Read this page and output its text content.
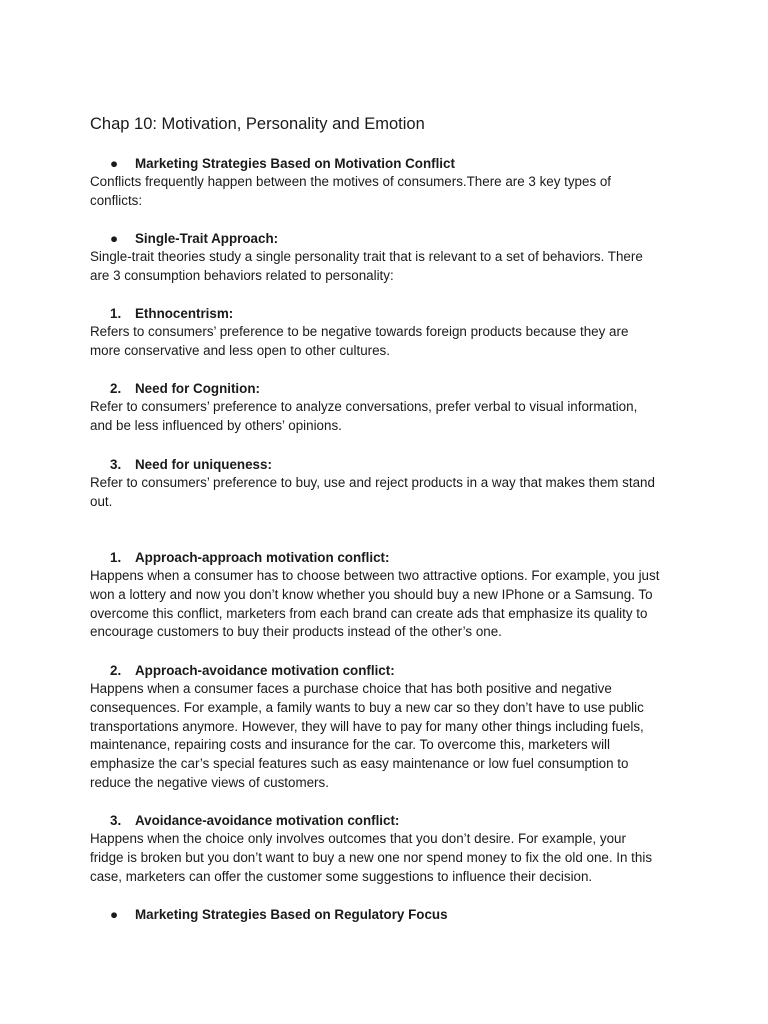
Chap 10: Motivation, Personality and Emotion
● Marketing Strategies Based on Motivation Conflict

Conflicts frequently happen between the motives of consumers.There are 3 key types of
conflicts:

● Single-Trait Approach:

Single-trait theories study a single personality trait that is relevant to a set of behaviors. There
are 3 consumption behaviors related to personality:

1. Ethnocentrism:

Refers to consumers’ preference to be negative towards foreign products because they are
more conservative and less open to other cultures.

2. Need for Cognition:

Refer to consumers’ preference to analyze conversations, prefer verbal to visual information,
and be less influenced by others’ opinions.

3. Need for uniqueness:

Refer to consumers’ preference to buy, use and reject products in a way that makes them stand
out.

1. Approach-approach motivation conflict:

Happens when a consumer has to choose between two attractive options. For example, you just
won a lottery and now you don’t know whether you should buy a new IPhone or a Samsung. To
overcome this conflict, marketers from each brand can create ads that emphasize its quality to
encourage customers to buy their products instead of the other’s one.

2. Approach-avoidance motivation conflict:

Happens when a consumer faces a purchase choice that has both positive and negative
consequences. For example, a family wants to buy a new car so they don’t have to use public
transportations anymore. However, they will have to pay for many other things including fuels,
maintenance, repairing costs and insurance for the car. To overcome this, marketers will
emphasize the car’s special features such as easy maintenance or low fuel consumption to
reduce the negative views of customers.

3. Avoidance-avoidance motivation conflict:

Happens when the choice only involves outcomes that you don’t desire. For example, your
fridge is broken but you don’t want to buy a new one nor spend money to fix the old one. In this
case, marketers can offer the customer some suggestions to influence their decision.

● Marketing Strategies Based on Regulatory Focus
